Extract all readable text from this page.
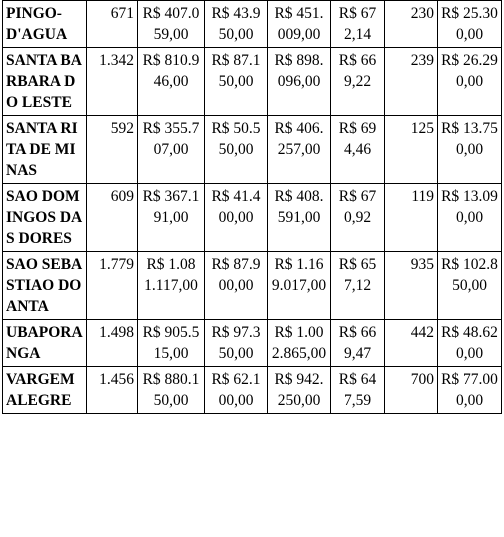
PINGO-D'AGUA	671	R$ 407.059,00	R$ 43.950,00	R$ 451.009,00	R$ 672,14	230	R$ 25.300,00
SANTA BARBARA DO LESTE	1.342	R$ 810.946,00	R$ 87.150,00	R$ 898.096,00	R$ 669,22	239	R$ 26.290,00
SANTA RITA DE MINAS	592	R$ 355.707,00	R$ 50.550,00	R$ 406.257,00	R$ 694,46	125	R$ 13.750,00
SAO DOMINGOS DAS DORES	609	R$ 367.191,00	R$ 41.400,00	R$ 408.591,00	R$ 670,92	119	R$ 13.090,00
SAO SEBASTIAO DO ANTA	1.779	R$ 1.081.117,00	R$ 87.900,00	R$ 1.169.017,00	R$ 657,12	935	R$ 102.850,00
UBAPORANGA	1.498	R$ 905.515,00	R$ 97.350,00	R$ 1.002.865,00	R$ 669,47	442	R$ 48.620,00
VARGEM ALEGRE	1.456	R$ 880.150,00	R$ 62.100,00	R$ 942.250,00	R$ 647,59	700	R$ 77.000,00
